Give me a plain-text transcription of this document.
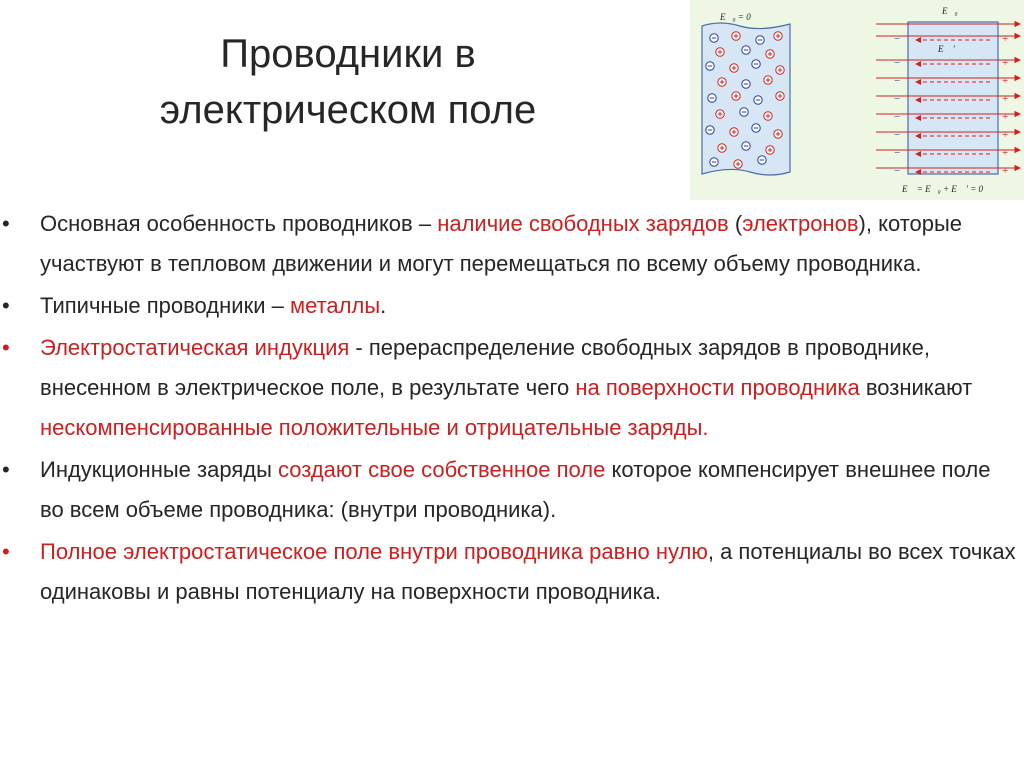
Проводники в
электрическом поле
E⃗₀ = 0
E⃗₀
E⃗ '
E⃗ = E⃗₀ + E⃗ ' = 0
−	+
−	+
−	+
−	+
−	+
−	+
−	+
−	+
• Основная особенность проводников – наличие свободных зарядов (электронов), которые участвуют в тепловом движении и могут перемещаться по всему объему проводника.
• Типичные проводники – металлы.
• Электростатическая индукция - перераспределение свободных зарядов в проводнике, внесенном в электрическое поле, в результате чего на поверхности проводника возникают нескомпенсированные положительные и отрицательные заряды.
• Индукционные заряды создают свое собственное поле которое компенсирует внешнее поле во всем объеме проводника: (внутри проводника).
• Полное электростатическое поле внутри проводника равно нулю, а потенциалы во всех точках одинаковы и равны потенциалу на поверхности проводника.
